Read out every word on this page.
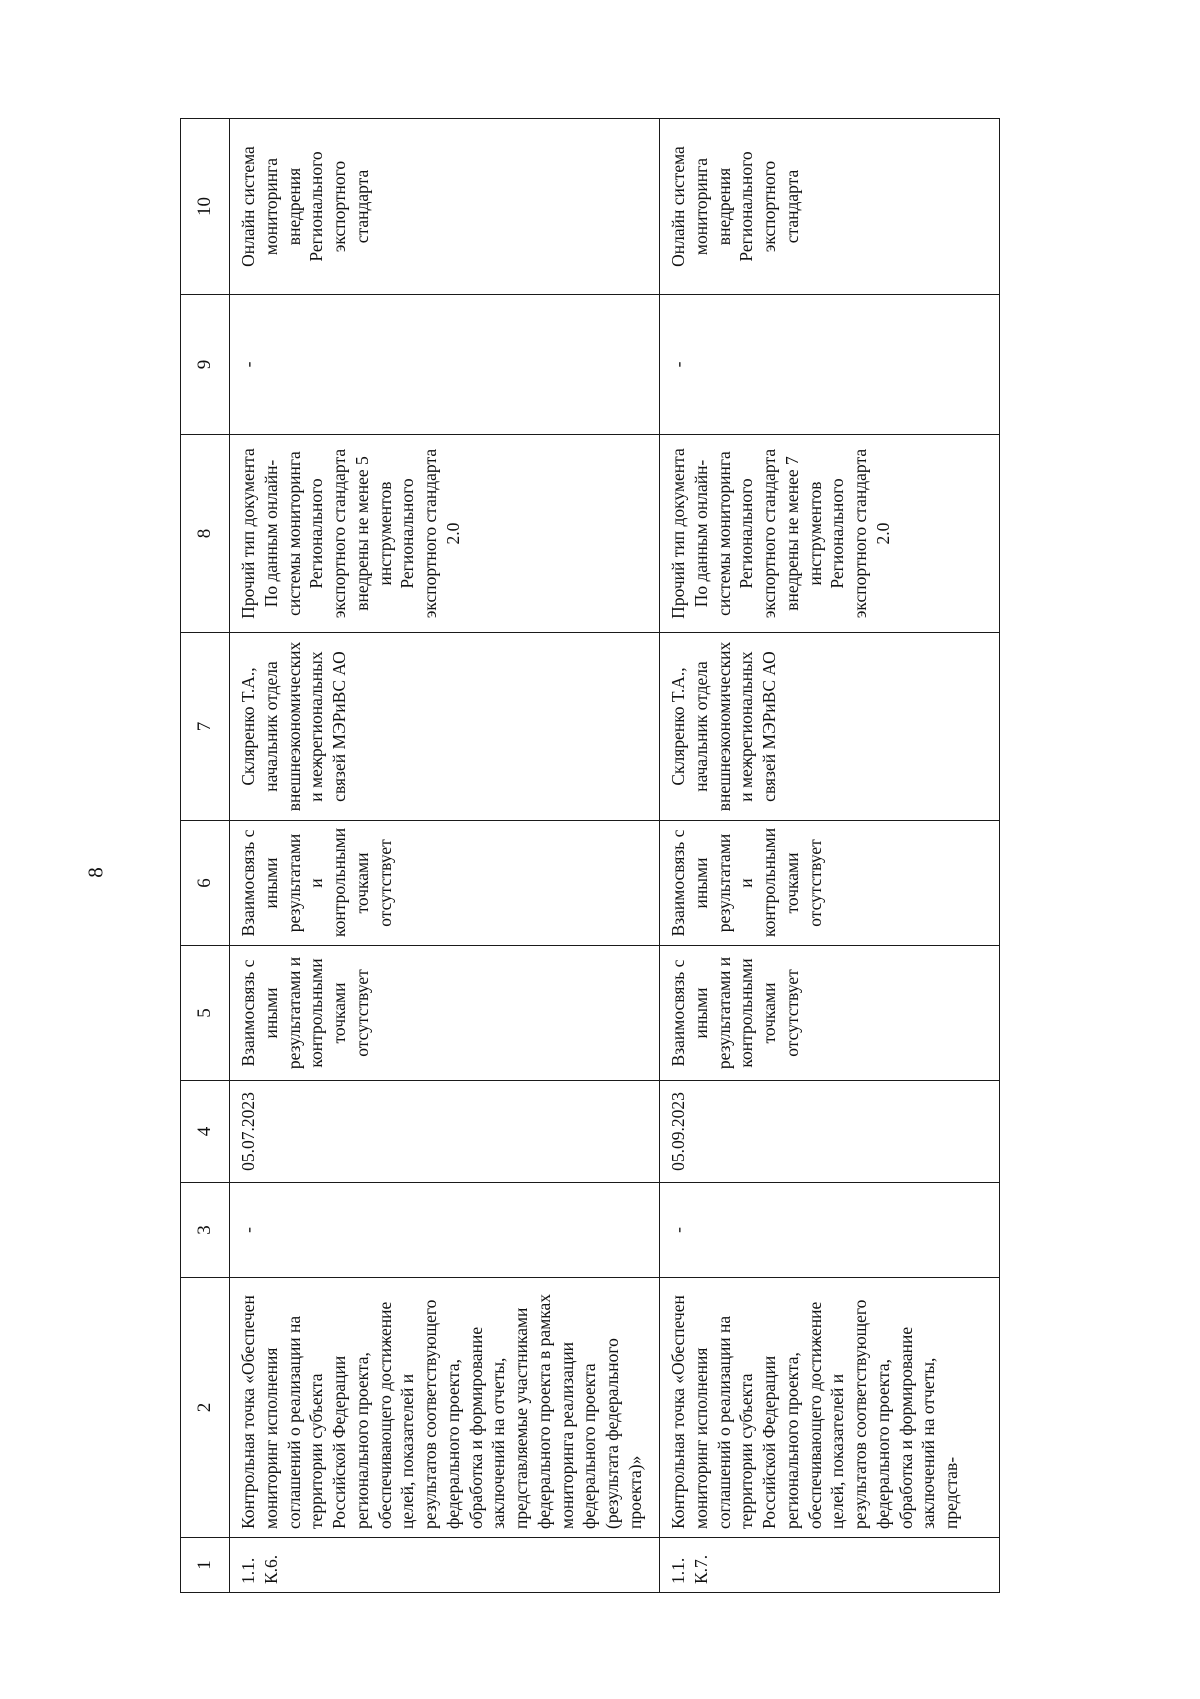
8
1	2	3	4	5	6	7	8	9	10
1.1. К.6.	Контрольная точка «Обеспечен мониторинг исполнения соглашений о реализации на территории субъекта Российской Федерации регионального проекта, обеспечивающего достижение целей, показателей и результатов соответствующего федерального проекта, обработка и формирование заключений на отчеты, представляемые участниками федерального проекта в рамках мониторинга реализации федерального проекта (результата федерального проекта)»	-	05.07.2023	Взаимосвязь с иными результатами и контрольными точками отсутствует	Взаимосвязь с иными результатами и контрольными точками отсутствует	Скляренко Т.А., начальник отдела внешнеэкономических и межрегиональных связей МЭРиВС АО	Прочий тип документа По данным онлайн-системы мониторинга Регионального экспортного стандарта внедрены не менее 5 инструментов Регионального экспортного стандарта 2.0	-	Онлайн система мониторинга внедрения Регионального экспортного стандарта
1.1. К.7.	Контрольная точка «Обеспечен мониторинг исполнения соглашений о реализации на территории субъекта Российской Федерации регионального проекта, обеспечивающего достижение целей, показателей и результатов соответствующего федерального проекта, обработка и формирование заключений на отчеты, представ-	-	05.09.2023	Взаимосвязь с иными результатами и контрольными точками отсутствует	Взаимосвязь с иными результатами и контрольными точками отсутствует	Скляренко Т.А., начальник отдела внешнеэкономических и межрегиональных связей МЭРиВС АО	Прочий тип документа По данным онлайн-системы мониторинга Регионального экспортного стандарта внедрены не менее 7 инструментов Регионального экспортного стандарта 2.0	-	Онлайн система мониторинга внедрения Регионального экспортного стандарта
